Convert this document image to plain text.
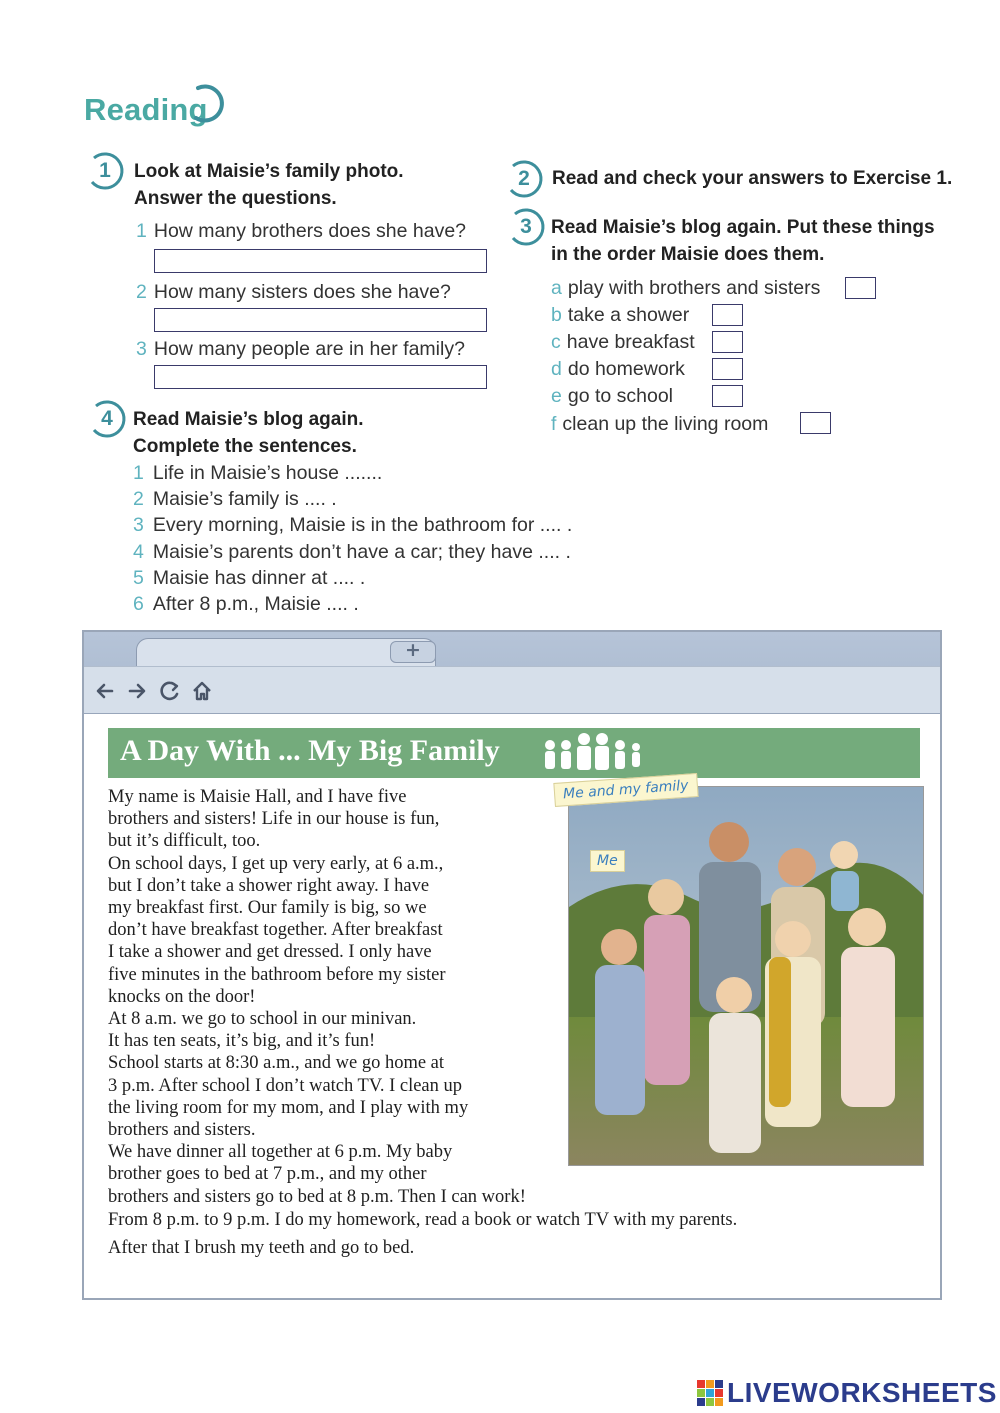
Reading
1	Look at Maisie’s family photo.
Answer the questions.
1 How many brothers does she have?
2 How many sisters does she have?
3 How many people are in her family?
2	Read and check your answers to Exercise 1.
3	Read Maisie’s blog again. Put these things
in the order Maisie does them.
a play with brothers and sisters
b take a shower
c have breakfast
d do homework
e go to school
f clean up the living room
4	Read Maisie’s blog again.
Complete the sentences.
1 Life in Maisie’s house .......
2 Maisie’s family is .... .
3 Every morning, Maisie is in the bathroom for .... .
4 Maisie’s parents don’t have a car; they have .... .
5 Maisie has dinner at .... .
6 After 8 p.m., Maisie .... .
+
A Day With ... My Big Family

My name is Maisie Hall, and I have five

brothers and sisters! Life in our house is fun,

but it’s difficult, too.

On school days, I get up very early, at 6 a.m.,

but I don’t take a shower right away. I have

my breakfast first. Our family is big, so we

don’t have breakfast together. After breakfast

I take a shower and get dressed. I only have

five minutes in the bathroom before my sister

knocks on the door!

At 8 a.m. we go to school in our minivan.

It has ten seats, it’s big, and it’s fun!

School starts at 8:30 a.m., and we go home at

3 p.m. After school I don’t watch TV. I clean up

the living room for my mom, and I play with my

brothers and sisters.

We have dinner all together at 6 p.m. My baby

brother goes to bed at 7 p.m., and my other

brothers and sisters go to bed at 8 p.m. Then I can work!

From 8 p.m. to 9 p.m. I do my homework, read a book or watch TV with my parents.
After that I brush my teeth and go to bed.
Me and my family
Me
LIVEWORKSHEETS
